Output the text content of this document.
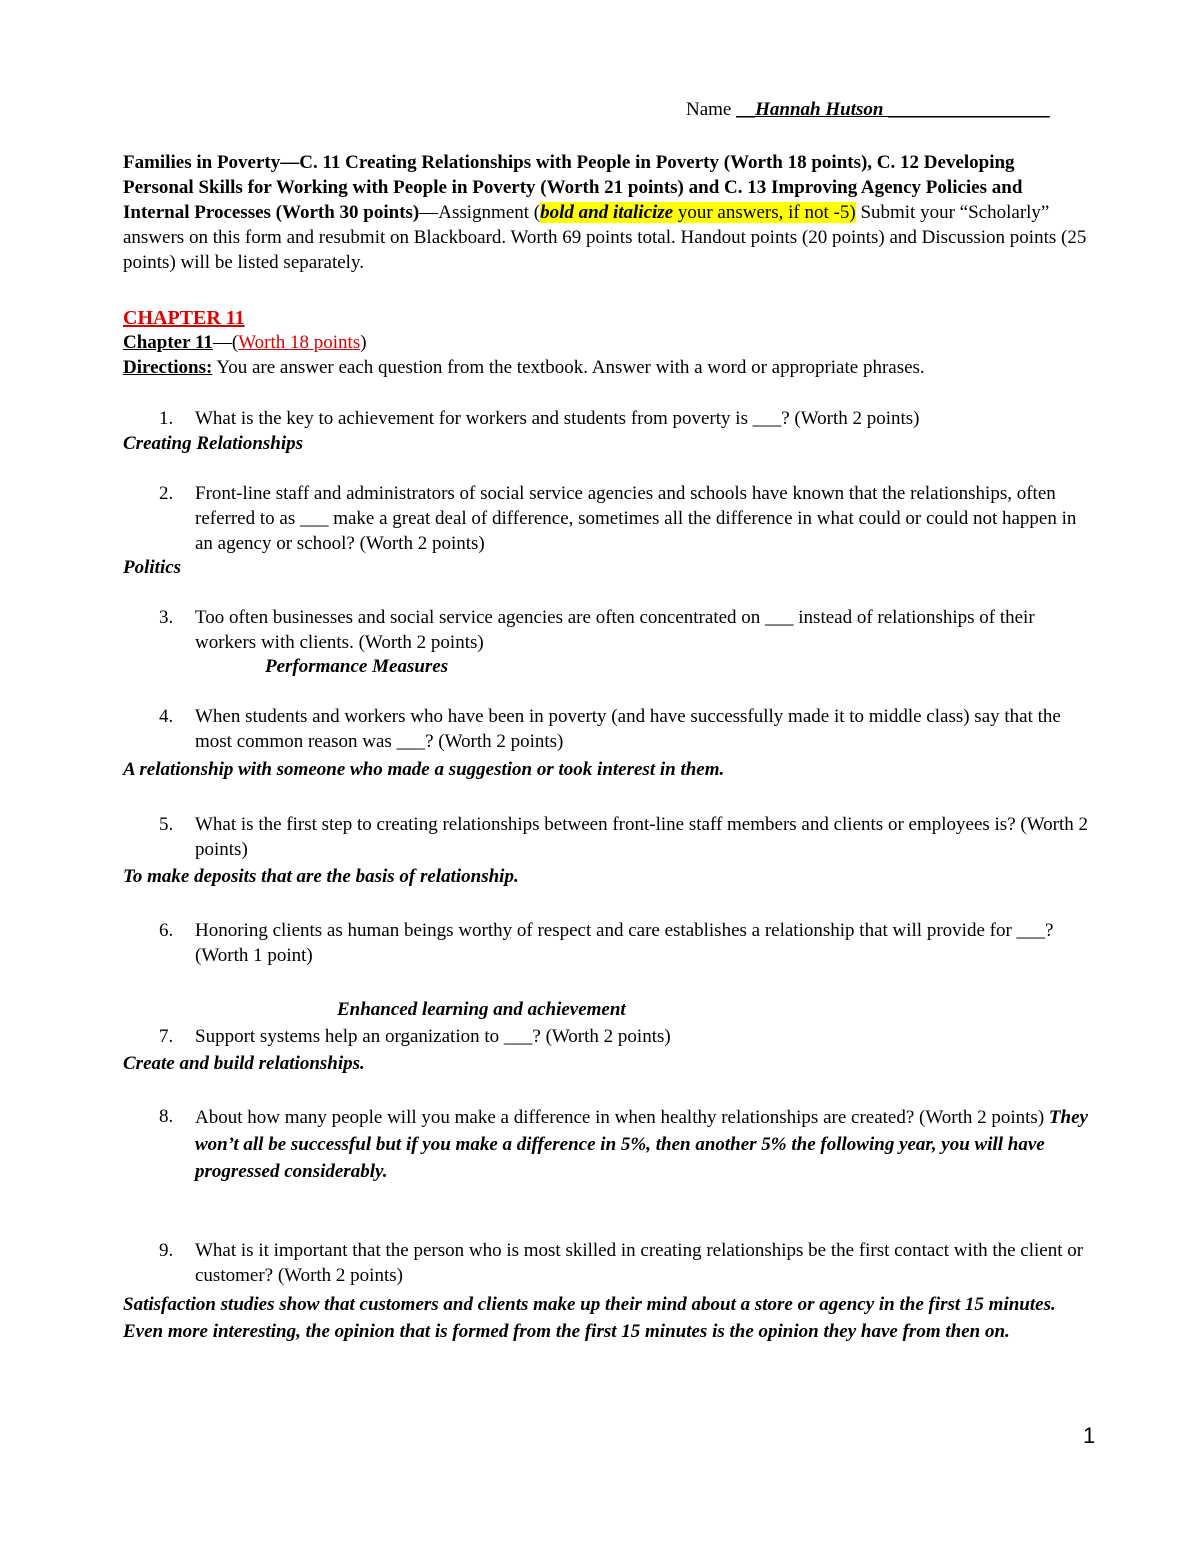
Name __Hannah Hutson _________________
Families in Poverty—C. 11 Creating Relationships with People in Poverty (Worth 18 points), C. 12 Developing Personal Skills for Working with People in Poverty (Worth 21 points) and C. 13 Improving Agency Policies and Internal Processes (Worth 30 points)—Assignment (bold and italicize your answers, if not -5) Submit your “Scholarly” answers on this form and resubmit on Blackboard. Worth 69 points total. Handout points (20 points) and Discussion points (25 points) will be listed separately.
CHAPTER 11
Chapter 11—(Worth 18 points)
Directions: You are answer each question from the textbook. Answer with a word or appropriate phrases.
1. What is the key to achievement for workers and students from poverty is ___? (Worth 2 points)
Creating Relationships
2. Front-line staff and administrators of social service agencies and schools have known that the relationships, often referred to as ___ make a great deal of difference, sometimes all the difference in what could or could not happen in an agency or school? (Worth 2 points)
Politics
3. Too often businesses and social service agencies are often concentrated on ___ instead of relationships of their workers with clients. (Worth 2 points)
Performance Measures
4. When students and workers who have been in poverty (and have successfully made it to middle class) say that the most common reason was ___? (Worth 2 points)
A relationship with someone who made a suggestion or took interest in them.
5. What is the first step to creating relationships between front-line staff members and clients or employees is? (Worth 2 points)
To make deposits that are the basis of relationship.
6. Honoring clients as human beings worthy of respect and care establishes a relationship that will provide for ___? (Worth 1 point)
Enhanced learning and achievement
7. Support systems help an organization to ___? (Worth 2 points)
Create and build relationships.
8. About how many people will you make a difference in when healthy relationships are created? (Worth 2 points) They won’t all be successful but if you make a difference in 5%, then another 5% the following year, you will have progressed considerably.
9. What is it important that the person who is most skilled in creating relationships be the first contact with the client or customer? (Worth 2 points)
Satisfaction studies show that customers and clients make up their mind about a store or agency in the first 15 minutes. Even more interesting, the opinion that is formed from the first 15 minutes is the opinion they have from then on.
1
